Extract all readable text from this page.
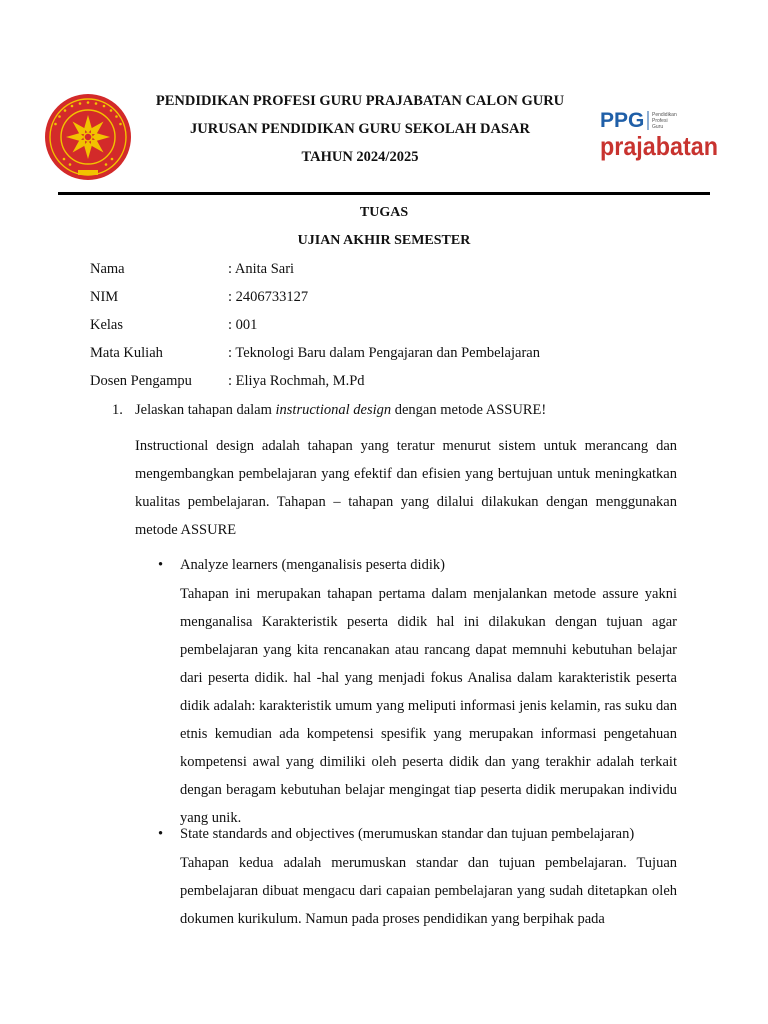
PENDIDIKAN PROFESI GURU PRAJABATAN CALON GURU
JURUSAN PENDIDIKAN GURU SEKOLAH DASAR
TAHUN 2024/2025
PPG Pendidikan
Profesi
Guru
prajabatan
TUGAS
UJIAN AKHIR SEMESTER
Nama	: Anita Sari
NIM	: 2406733127
Kelas	: 001
Mata Kuliah	: Teknologi Baru dalam Pengajaran dan Pembelajaran
Dosen Pengampu : Eliya Rochmah, M.Pd
1. Jelaskan tahapan dalam instructional design dengan metode ASSURE!
Instructional design adalah tahapan yang teratur menurut sistem untuk merancang dan mengembangkan pembelajaran yang efektif dan efisien yang bertujuan untuk meningkatkan kualitas pembelajaran. Tahapan – tahapan yang dilalui dilakukan dengan menggunakan metode ASSURE
• Analyze learners (menganalisis peserta didik)
Tahapan ini merupakan tahapan pertama dalam menjalankan metode assure yakni menganalisa Karakteristik peserta didik hal ini dilakukan dengan tujuan agar pembelajaran yang kita rencanakan atau rancang dapat memnuhi kebutuhan belajar dari peserta didik. hal -hal yang menjadi fokus Analisa dalam karakteristik peserta didik adalah: karakteristik umum yang meliputi informasi jenis kelamin, ras suku dan etnis kemudian ada kompetensi spesifik yang merupakan informasi pengetahuan kompetensi awal yang dimiliki oleh peserta didik dan yang terakhir adalah terkait dengan beragam kebutuhan belajar mengingat tiap peserta didik merupakan individu yang unik.
• State standards and objectives (merumuskan standar dan tujuan pembelajaran)
Tahapan kedua adalah merumuskan standar dan tujuan pembelajaran. Tujuan pembelajaran dibuat mengacu dari capaian pembelajaran yang sudah ditetapkan oleh dokumen kurikulum. Namun pada proses pendidikan yang berpihak pada
